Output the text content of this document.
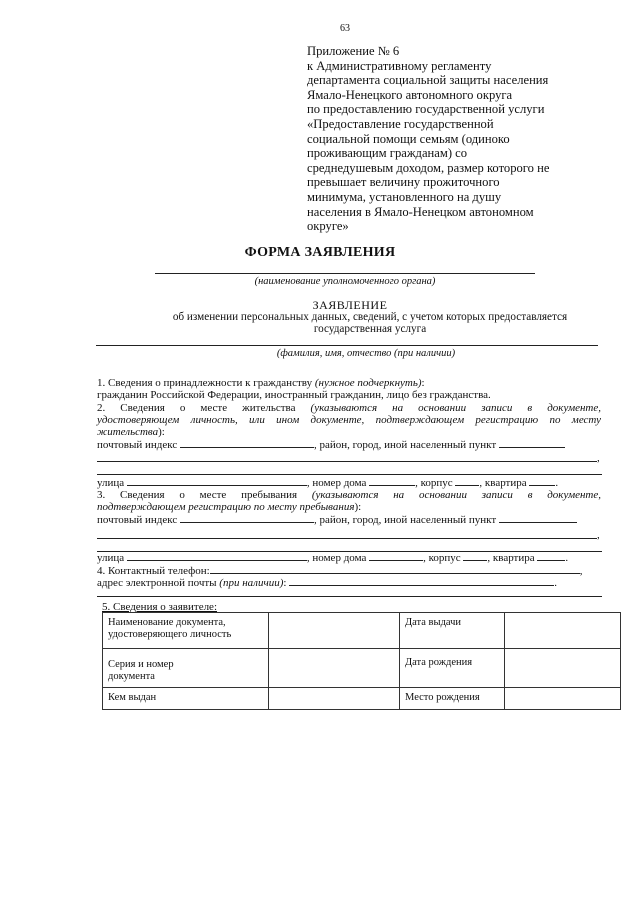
63
Приложение № 6
к Административному регламенту
департамента социальной защиты населения
Ямало-Ненецкого автономного округа
по предоставлению государственной услуги
«Предоставление государственной
социальной помощи семьям (одиноко
проживающим гражданам) со
среднедушевым доходом, размер которого не
превышает величину прожиточного
минимума, установленного на душу
населения в Ямало-Ненецком автономном
округе»
ФОРМА ЗАЯВЛЕНИЯ
(наименование уполномоченного органа)
ЗАЯВЛЕНИЕ
об изменении персональных данных, сведений, с учетом которых предоставляется
государственная услуга
(фамилия, имя, отчество (при наличии)
1. Сведения о принадлежности к гражданству (нужное подчеркнуть):
гражданин Российской Федерации, иностранный гражданин, лицо без гражданства.
2. Сведения о месте жительства (указываются на основании записи в документе,
удостоверяющем личность, или ином документе, подтверждающем регистрацию по месту
жительства):
почтовый индекс	, район, город, иной населенный пункт
,
улица	, номер дома	, корпус , квартира	.
3. Сведения о месте пребывания (указываются на основании записи в документе,
подтверждающем регистрацию по месту пребывания):
почтовый индекс	, район, город, иной населенный пункт
,
улица	, номер дома	, корпус , квартира	.
4. Контактный телефон:	,
адрес электронной почты (при наличии):	.
5. Сведения о заявителе:
Наименование документа,
удостоверяющего личность		Дата выдачи	

Серия и номер
документа		Дата рождения	
Кем выдан		Место рождения	
